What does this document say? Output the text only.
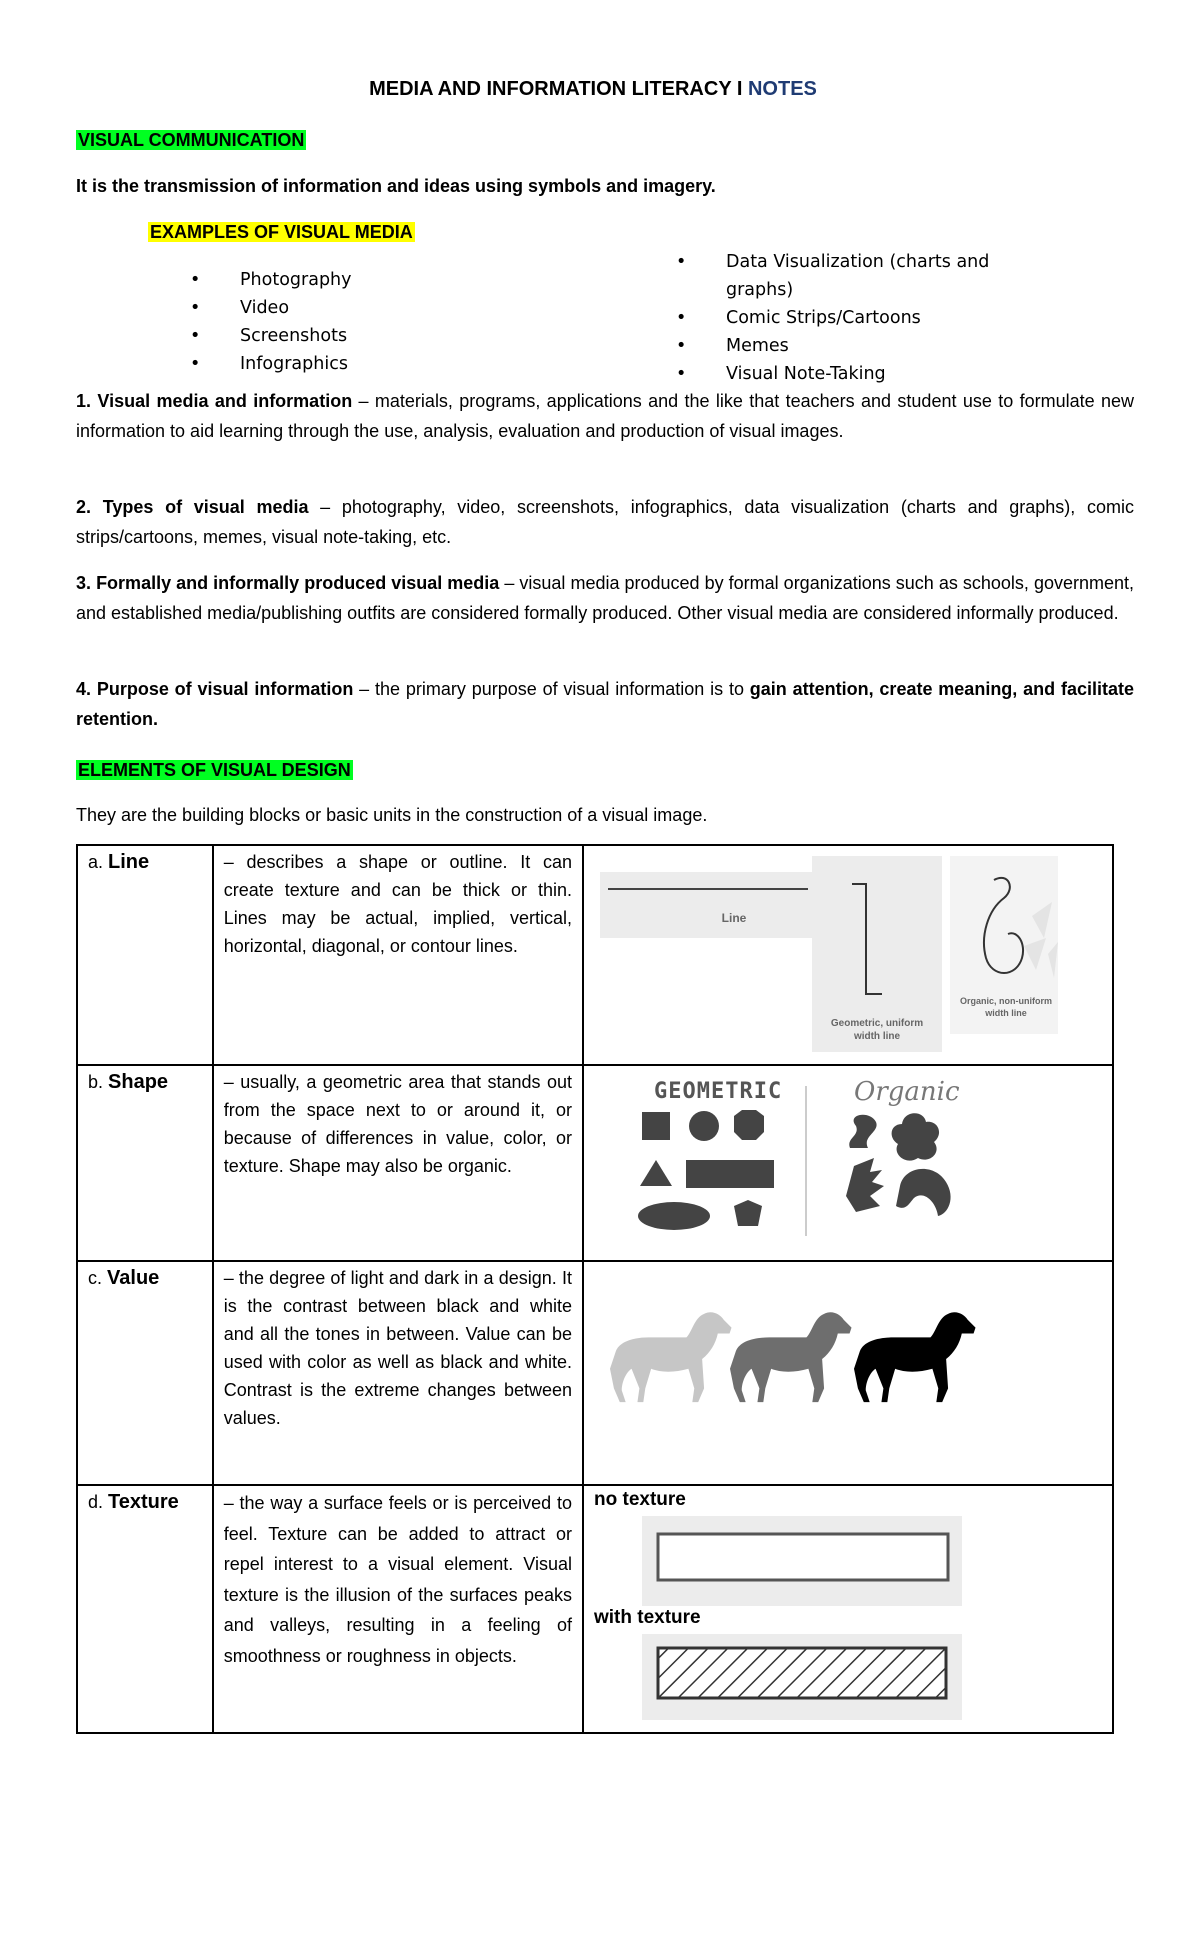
MEDIA AND INFORMATION LITERACY I NOTES
VISUAL COMMUNICATION

It is the transmission of information and ideas using symbols and imagery.

EXAMPLES OF VISUAL MEDIA
• Photography
• Video
• Screenshots
• Infographics
• Data Visualization (charts and graphs)
• Comic Strips/Cartoons
• Memes
• Visual Note-Taking

1. Visual media and information – materials, programs, applications and the like that teachers and student use to formulate new information to aid learning through the use, analysis, evaluation and production of visual images.

2. Types of visual media – photography, video, screenshots, infographics, data visualization (charts and graphs), comic strips/cartoons, memes, visual note-taking, etc.

3. Formally and informally produced visual media – visual media produced by formal organizations such as schools, government, and established media/publishing outfits are considered formally produced. Other visual media are considered informally produced.

4. Purpose of visual information – the primary purpose of visual information is to gain attention, create meaning, and facilitate retention.

ELEMENTS OF VISUAL DESIGN

They are the building blocks or basic units in the construction of a visual image.

a. Line	– describes a shape or outline. It can create texture and can be thick or thin. Lines may be actual, implied, vertical, horizontal, diagonal, or contour lines.	Line
Geometric, uniform
width line
Organic, non-uniform
width line

b. Shape	– usually, a geometric area that stands out from the space next to or around it, or because of differences in value, color, or texture. Shape may also be organic.	GEOMETRIC Organic

c. Value	– the degree of light and dark in a design. It is the contrast between black and white and all the tones in between. Value can be used with color as well as black and white. Contrast is the extreme changes between values.	
d. Texture	– the way a surface feels or is perceived to feel. Texture can be added to attract or repel interest to a visual element. Visual texture is the illusion of the surfaces peaks and valleys, resulting in a feeling of smoothness or roughness in objects.	no texture
with texture
